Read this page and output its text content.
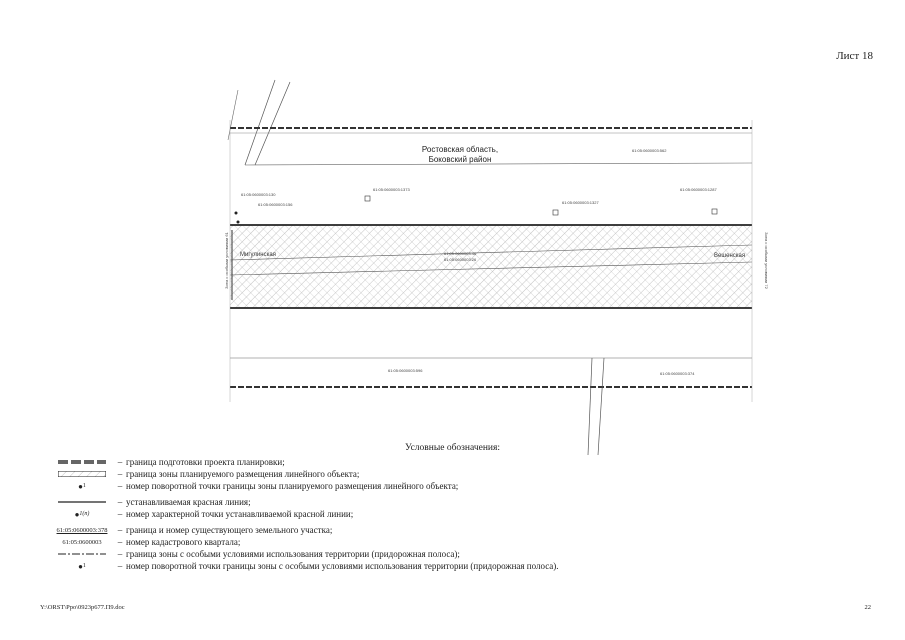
Лист 18
Ростовская область,
Боковский район
61:05:0600003:562
61:05:0600003:1373
61:05:0600003:1327
61:05:0600003:1287
61:05:0600003:130
61:05:0600003:156
Мигулинская	Вешенская
61:05:0600003:46
61:05:0600003:26
61:05:0600003:596
61:05:0600003:374
Зона с особыми условиями 61	Зона с особыми условиями 72
Условные обозначения:
– граница подготовки проекта планировки;
– граница зоны планируемого размещения линейного объекта;
● 1	– номер поворотной точки границы зоны планируемого размещения линейного объекта;
– устанавливаемая красная линия;
● 1(п)	– номер характерной точки устанавливаемой красной линии;
61:05:0600003:378	– граница и номер существующего земельного участка;
61:05:0600003	– номер кадастрового квартала;
– граница зоны с особыми условиями использования территории (придорожная полоса);
● 1	– номер поворотной точки границы зоны с особыми условиями использования территории (придорожная полоса).
Y:\ORST\Ppo\0923p677.П9.doc	22
